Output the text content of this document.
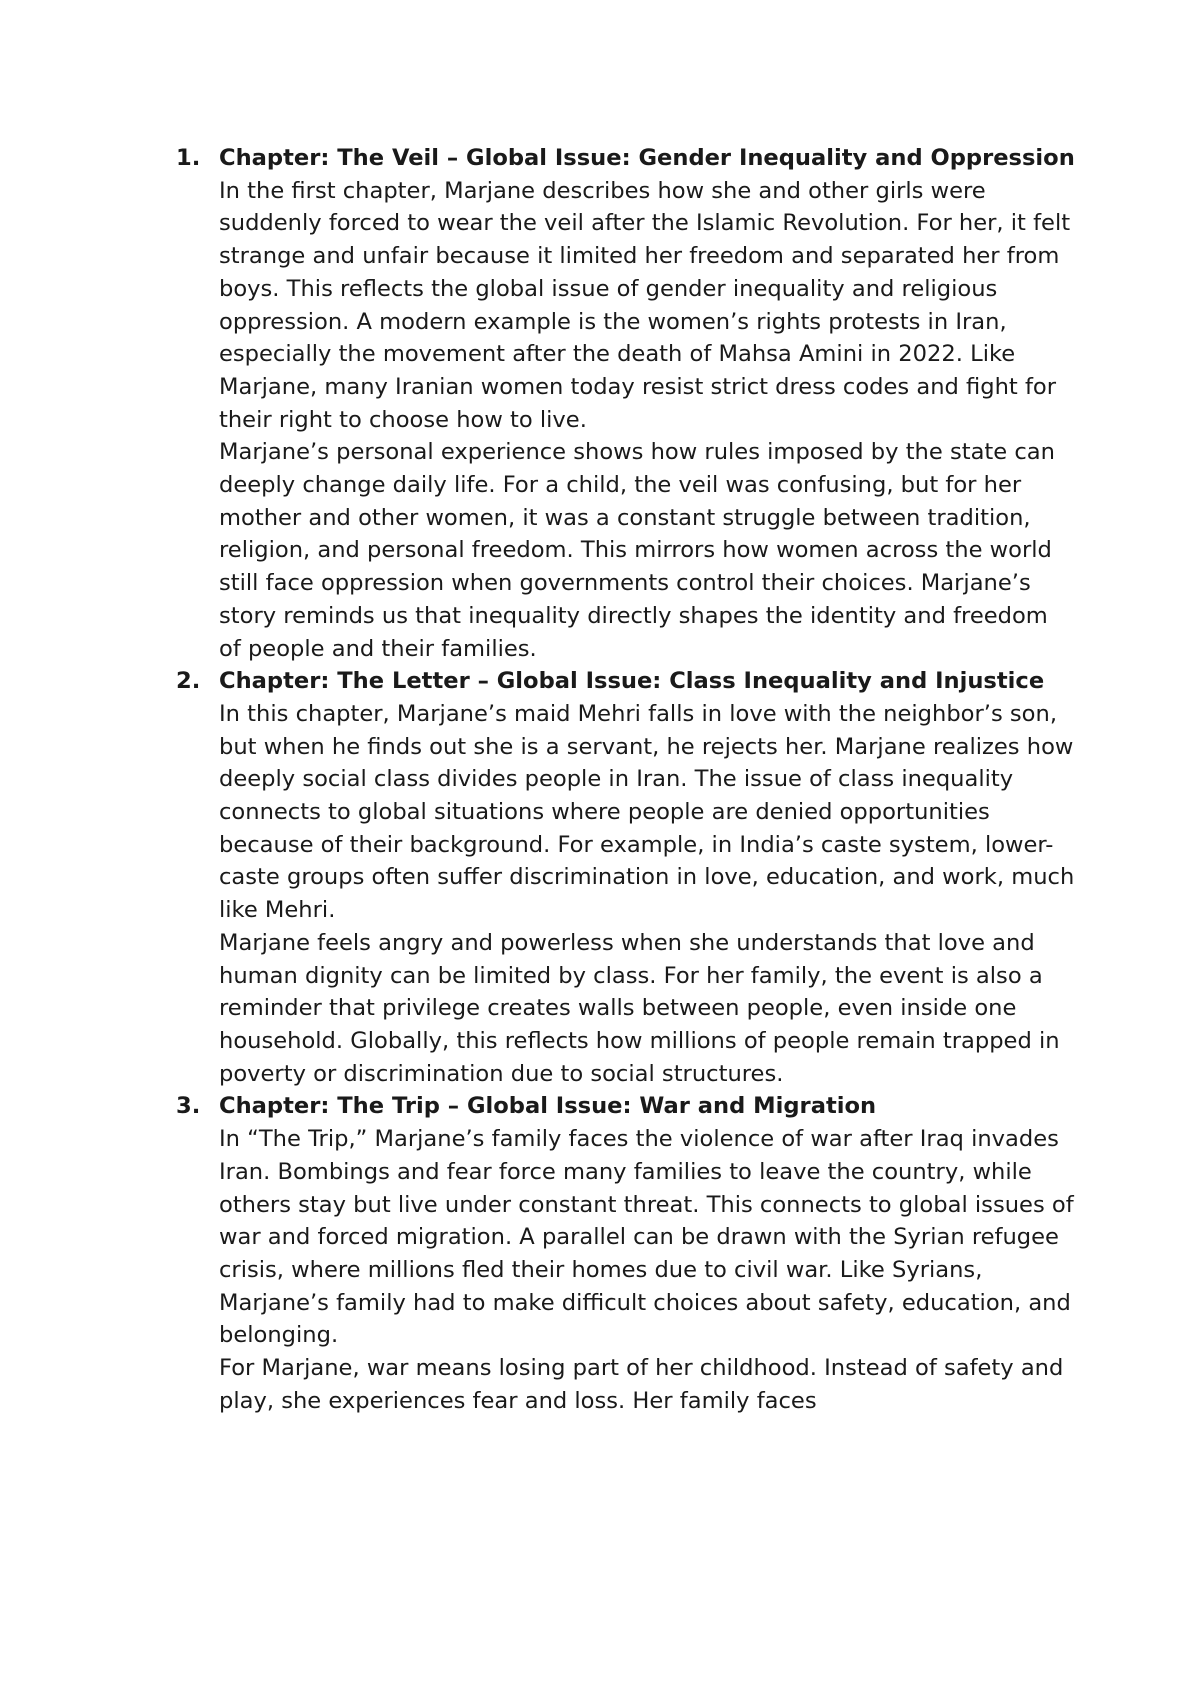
1. Chapter: The Veil – Global Issue: Gender Inequality and Oppression

In the first chapter, Marjane describes how she and other girls were suddenly forced to wear the veil after the Islamic Revolution. For her, it felt strange and unfair because it limited her freedom and separated her from boys. This reflects the global issue of gender inequality and religious oppression. A modern example is the women’s rights protests in Iran, especially the movement after the death of Mahsa Amini in 2022. Like Marjane, many Iranian women today resist strict dress codes and fight for their right to choose how to live.

Marjane’s personal experience shows how rules imposed by the state can deeply change daily life. For a child, the veil was confusing, but for her mother and other women, it was a constant struggle between tradition, religion, and personal freedom. This mirrors how women across the world still face oppression when governments control their choices. Marjane’s story reminds us that inequality directly shapes the identity and freedom of people and their families.

2. Chapter: The Letter – Global Issue: Class Inequality and Injustice

In this chapter, Marjane’s maid Mehri falls in love with the neighbor’s son, but when he finds out she is a servant, he rejects her. Marjane realizes how deeply social class divides people in Iran. The issue of class inequality connects to global situations where people are denied opportunities because of their background. For example, in India’s caste system, lower-caste groups often suffer discrimination in love, education, and work, much like Mehri.

Marjane feels angry and powerless when she understands that love and human dignity can be limited by class. For her family, the event is also a reminder that privilege creates walls between people, even inside one household. Globally, this reflects how millions of people remain trapped in poverty or discrimination due to social structures.

3. Chapter: The Trip – Global Issue: War and Migration

In “The Trip,” Marjane’s family faces the violence of war after Iraq invades Iran. Bombings and fear force many families to leave the country, while others stay but live under constant threat. This connects to global issues of war and forced migration. A parallel can be drawn with the Syrian refugee crisis, where millions fled their homes due to civil war. Like Syrians, Marjane’s family had to make difficult choices about safety, education, and belonging.

For Marjane, war means losing part of her childhood. Instead of safety and play, she experiences fear and loss. Her family faces
